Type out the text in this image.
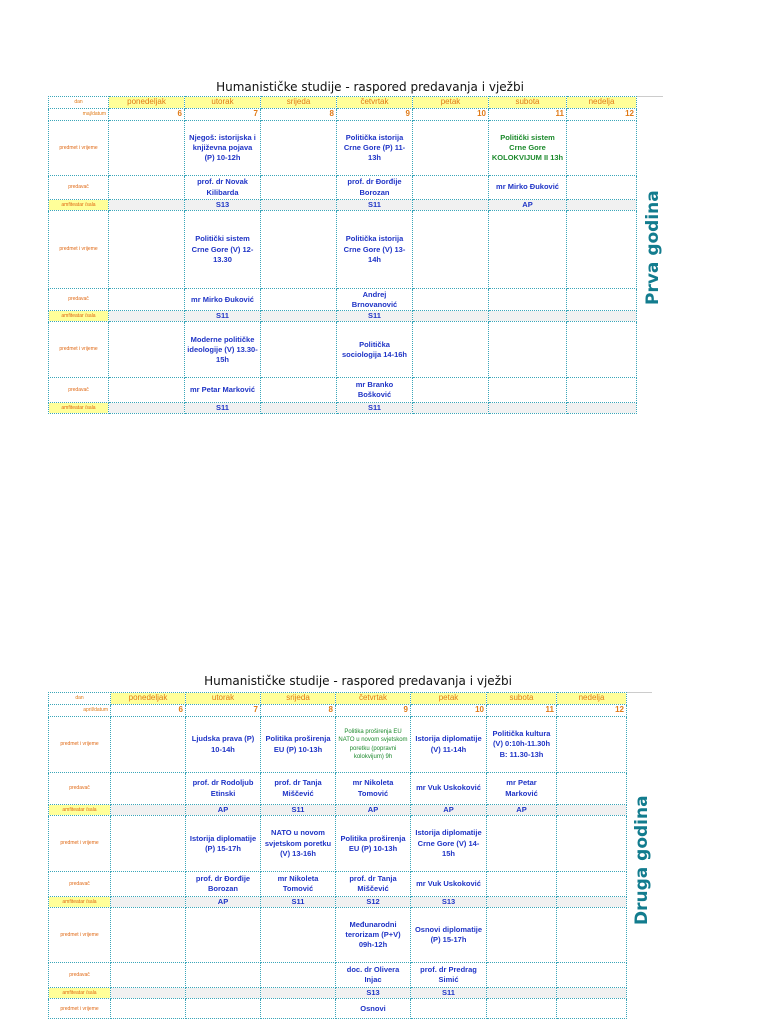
Humanističke studije - raspored predavanja i vježbi
dan	ponedeljak	utorak	srijeda	četvrtak	petak	subota	nedelja
maj/datum	6	7	8	9	10	11	12
predmet i vrijeme		Njegoš: istorijska i književna pojava (P) 10-12h		Politička istorija Crne Gore (P) 11-13h		Politički sistem Crne Gore KOLOKVIJUM II 13h	
predavač		prof. dr Novak Kilibarda		prof. dr Đorđije Borozan		mr Mirko Đuković	
amfiteatar /sala		S13		S11		AP	
predmet i vrijeme		Politički sistem Crne Gore (V) 12-13.30		Politička istorija Crne Gore (V) 13-14h			
predavač		mr Mirko Đuković		Andrej Brnovanović			
amfiteatar /sala		S11		S11			
predmet i vrijeme		Moderne političke ideologije (V) 13.30-15h		Politička sociologija 14-16h			
predavač		mr Petar Marković		mr Branko Bošković			
amfiteatar /sala		S11		S11			
Prva godina
Humanističke studije - raspored predavanja i vježbi
dan	ponedeljak	utorak	srijeda	četvrtak	petak	subota	nedelja
april/datum	6	7	8	9	10	11	12
predmet i vrijeme		Ljudska prava (P) 10-14h	Politika proširenja EU (P) 10-13h	Politika proširenja EU NATO u novom svjetskom poretku (popravni kolokvijum) 9h	Istorija diplomatije (V) 11-14h	Politička kultura (V) 0:10h-11.30h B: 11.30-13h	
predavač		prof. dr Rodoljub Etinski	prof. dr Tanja Miščević	mr Nikoleta Tomović	mr Vuk Uskoković	mr Petar Marković	
amfiteatar /sala		AP	S11	AP	AP	AP	
predmet i vrijeme		Istorija diplomatije (P) 15-17h	NATO u novom svjetskom poretku (V) 13-16h	Politika proširenja EU (P) 10-13h	Istorija diplomatije Crne Gore (V) 14-15h		
predavač		prof. dr Đorđije Borozan	mr Nikoleta Tomović	prof. dr Tanja Miščević	mr Vuk Uskoković		
amfiteatar /sala		AP	S11	S12	S13		
predmet i vrijeme				Međunarodni terorizam (P+V) 09h-12h	Osnovi diplomatije (P) 15-17h		
predavač				doc. dr Olivera Injac	prof. dr Predrag Simić		
amfiteatar /sala				S13	S11		
predmet i vrijeme				Osnovi			
Druga godina
